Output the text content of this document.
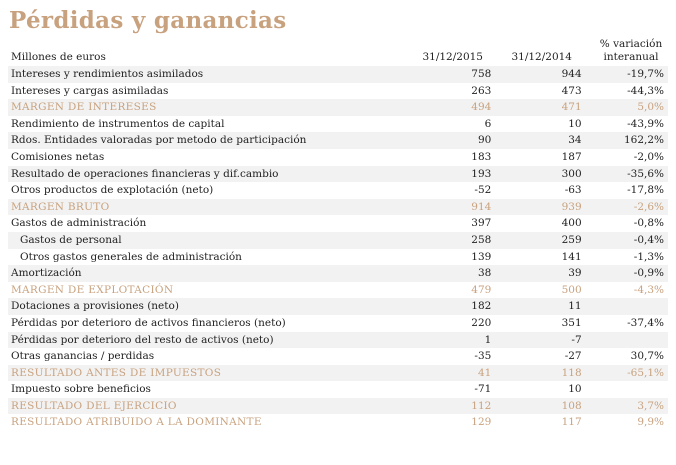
Pérdidas y ganancias
Millones de euros	31/12/2015	31/12/2014
% variación
interanual
Intereses y rendimientos asimilados	758	944	-19,7%
Intereses y cargas asimiladas	263	473	-44,3%
MARGEN DE INTERESES	494	471	5,0%
Rendimiento de instrumentos de capital	6	10	-43,9%
Rdos. Entidades valoradas por metodo de participación	90	34	162,2%
Comisiones netas	183	187	-2,0%
Resultado de operaciones financieras y dif.cambio	193	300	-35,6%
Otros productos de explotación (neto)	-52	-63	-17,8%
MARGEN BRUTO	914	939	-2,6%
Gastos de administración	397	400	-0,8%
Gastos de personal	258	259	-0,4%
Otros gastos generales de administración	139	141	-1,3%
Amortización	38	39	-0,9%
MARGEN DE EXPLOTACIÓN	479	500	-4,3%
Dotaciones a provisiones (neto)	182	11	
Pérdidas por deterioro de activos financieros (neto)	220	351	-37,4%
Pérdidas por deterioro del resto de activos (neto)	1	-7	
Otras ganancias / perdidas	-35	-27	30,7%
RESULTADO ANTES DE IMPUESTOS	41	118	-65,1%
Impuesto sobre beneficios	-71	10	
RESULTADO DEL EJERCICIO	112	108	3,7%
RESULTADO ATRIBUIDO A LA DOMINANTE	129	117	9,9%
